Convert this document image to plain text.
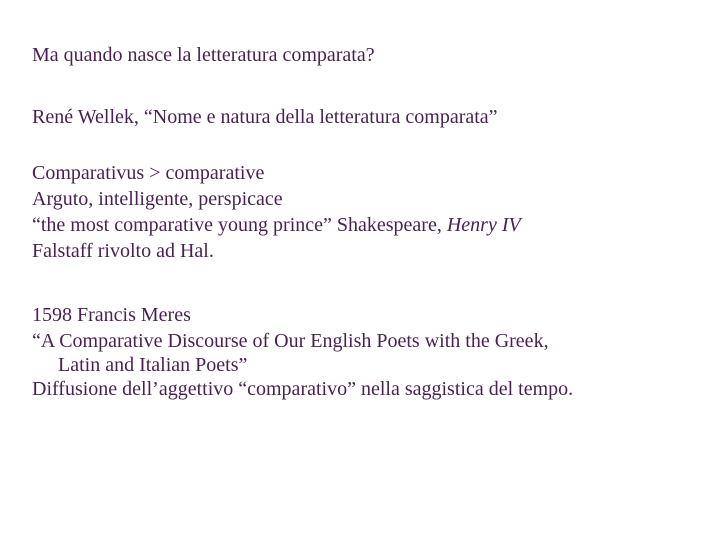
Ma quando nasce la letteratura comparata?

René Wellek, “Nome e natura della letteratura comparata”

Comparativus > comparative
Arguto, intelligente, perspicace
“the most comparative young prince” Shakespeare, Henry IV
Falstaff rivolto ad Hal.

1598 Francis Meres
“A Comparative Discourse of Our English Poets with the Greek,
Latin and Italian Poets”
Diffusione dell’aggettivo “comparativo” nella saggistica del tempo.
